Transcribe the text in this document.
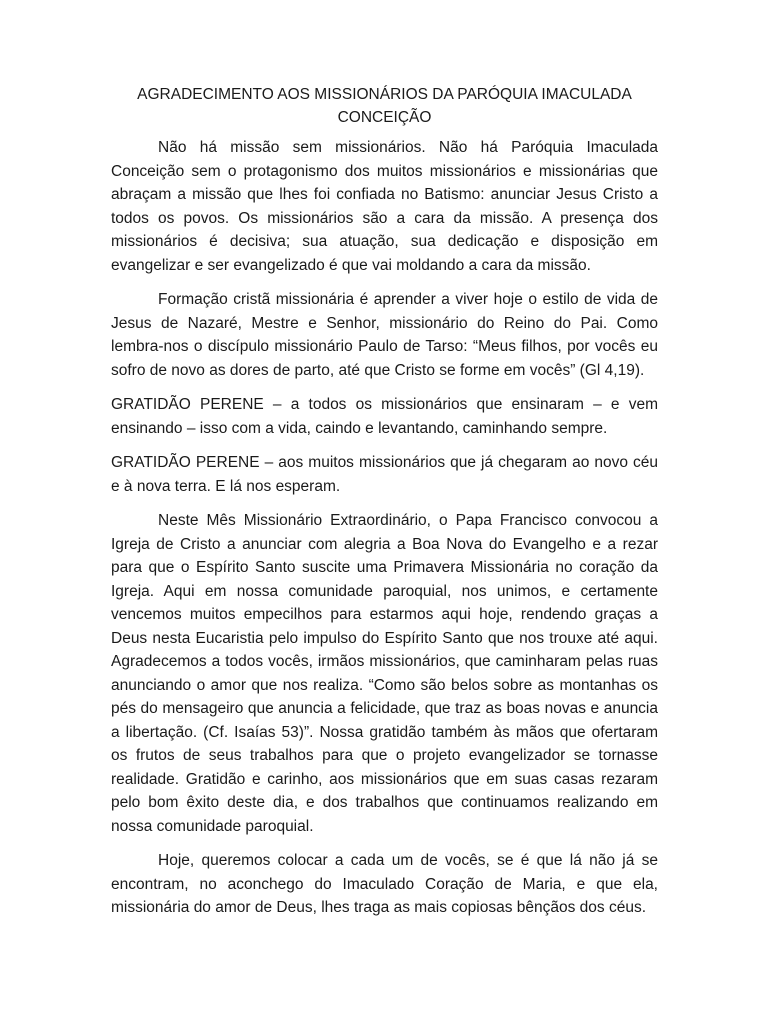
AGRADECIMENTO AOS MISSIONÁRIOS DA PARÓQUIA IMACULADA CONCEIÇÃO

Não há missão sem missionários. Não há Paróquia Imaculada Conceição sem o protagonismo dos muitos missionários e missionárias que abraçam a missão que lhes foi confiada no Batismo: anunciar Jesus Cristo a todos os povos. Os missionários são a cara da missão. A presença dos missionários é decisiva; sua atuação, sua dedicação e disposição em evangelizar e ser evangelizado é que vai moldando a cara da missão.

Formação cristã missionária é aprender a viver hoje o estilo de vida de Jesus de Nazaré, Mestre e Senhor, missionário do Reino do Pai. Como lembra-nos o discípulo missionário Paulo de Tarso: “Meus filhos, por vocês eu sofro de novo as dores de parto, até que Cristo se forme em vocês” (Gl 4,19).

GRATIDÃO PERENE – a todos os missionários que ensinaram – e vem ensinando – isso com a vida, caindo e levantando, caminhando sempre.

GRATIDÃO PERENE – aos muitos missionários que já chegaram ao novo céu e à nova terra. E lá nos esperam.

Neste Mês Missionário Extraordinário, o Papa Francisco convocou a Igreja de Cristo a anunciar com alegria a Boa Nova do Evangelho e a rezar para que o Espírito Santo suscite uma Primavera Missionária no coração da Igreja. Aqui em nossa comunidade paroquial, nos unimos, e certamente vencemos muitos empecilhos para estarmos aqui hoje, rendendo graças a Deus nesta Eucaristia pelo impulso do Espírito Santo que nos trouxe até aqui. Agradecemos a todos vocês, irmãos missionários, que caminharam pelas ruas anunciando o amor que nos realiza. “Como são belos sobre as montanhas os pés do mensageiro que anuncia a felicidade, que traz as boas novas e anuncia a libertação. (Cf. Isaías 53)”. Nossa gratidão também às mãos que ofertaram os frutos de seus trabalhos para que o projeto evangelizador se tornasse realidade. Gratidão e carinho, aos missionários que em suas casas rezaram pelo bom êxito deste dia, e dos trabalhos que continuamos realizando em nossa comunidade paroquial.

Hoje, queremos colocar a cada um de vocês, se é que lá não já se encontram, no aconchego do Imaculado Coração de Maria, e que ela, missionária do amor de Deus, lhes traga as mais copiosas bênçãos dos céus.
